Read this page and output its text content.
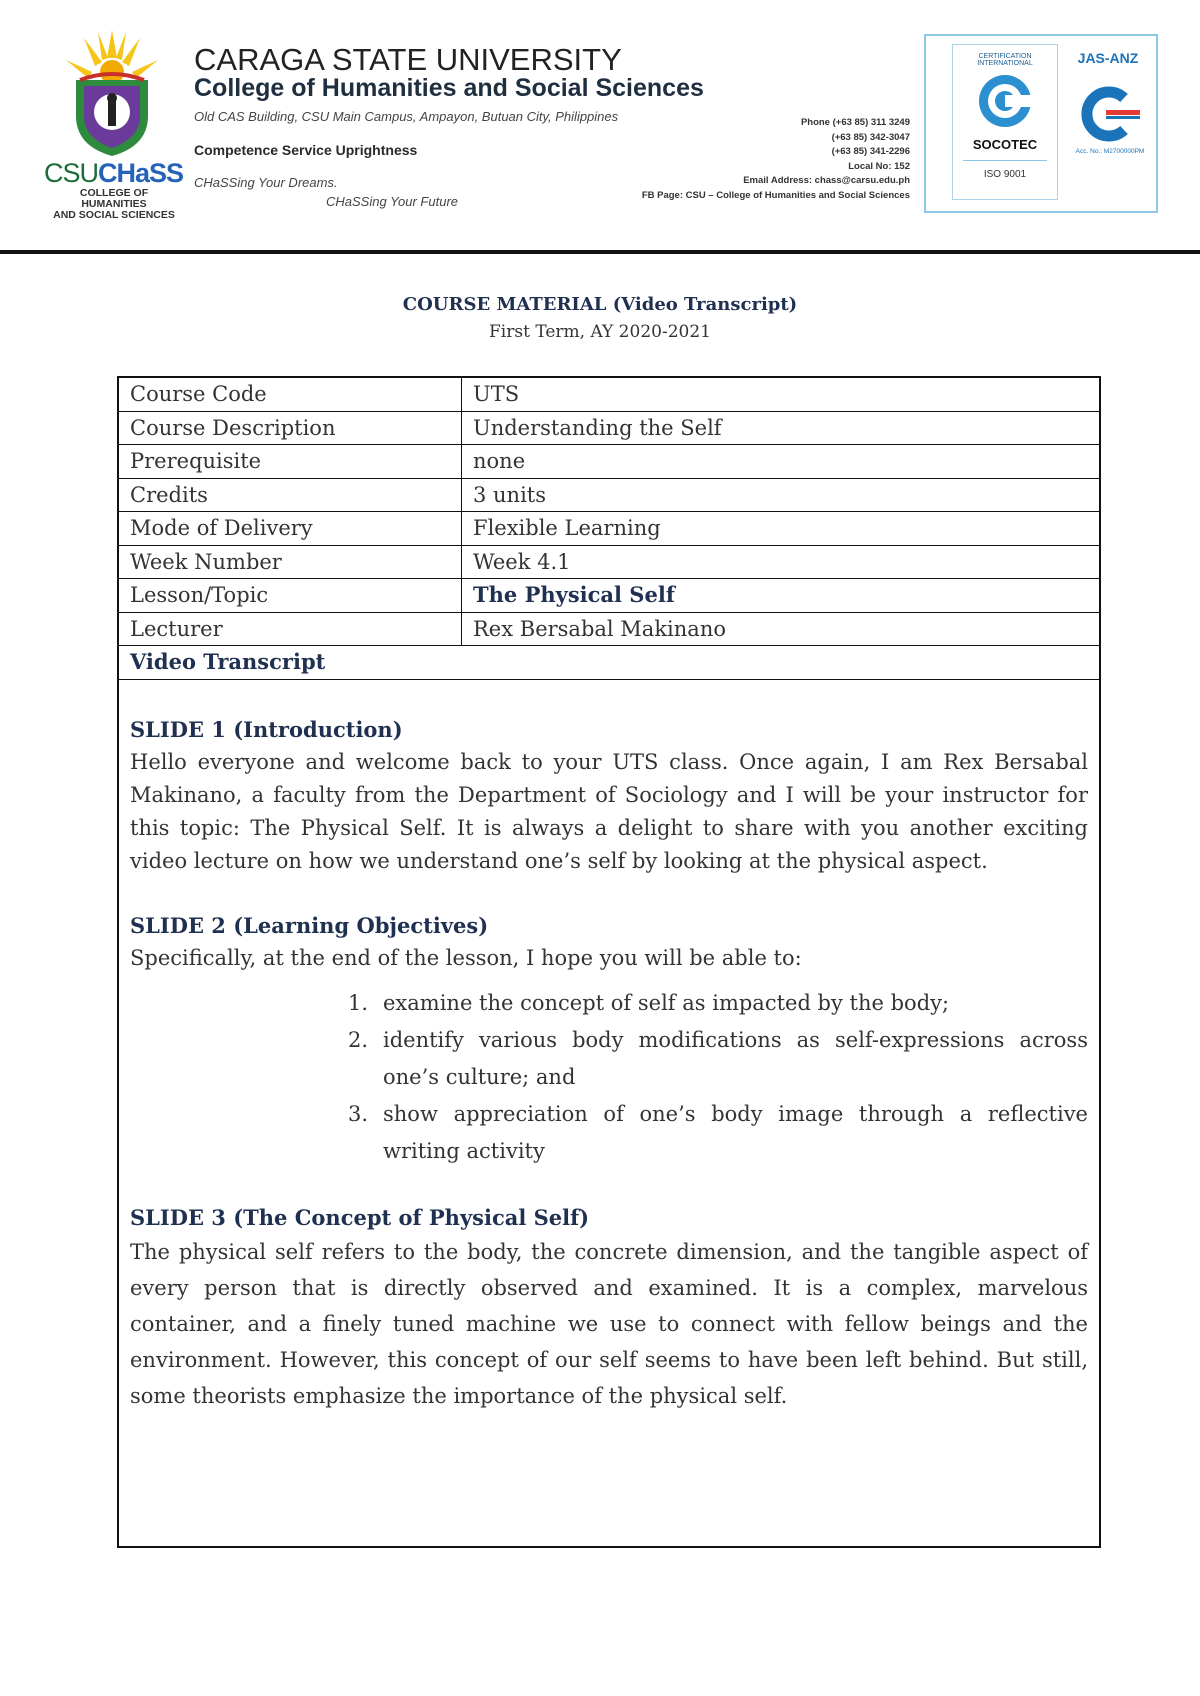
CSUCHaSS
COLLEGE OF HUMANITIES
AND SOCIAL SCIENCES
CARAGA STATE UNIVERSITY
College of Humanities and Social Sciences
Old CAS Building, CSU Main Campus, Ampayon, Butuan City, Philippines
Competence Service Uprightness
CHaSSing Your Dreams.
CHaSSing Your Future
Phone (+63 85) 311 3249
(+63 85) 342-3047
(+63 85) 341-2296
Local No: 152
Email Address: chass@carsu.edu.ph
FB Page: CSU – College of Humanities and Social Sciences
CERTIFICATION INTERNATIONAL
SOCOTEC
ISO 9001
JAS-ANZ
Acc. No.: M2700000PM
COURSE MATERIAL (Video Transcript)
First Term, AY 2020-2021
Course Code	UTS
Course Description	Understanding the Self
Prerequisite	none
Credits	3 units
Mode of Delivery	Flexible Learning
Week Number	Week 4.1
Lesson/Topic	The Physical Self
Lecturer	Rex Bersabal Makinano
Video Transcript
SLIDE 1 (Introduction)
Hello everyone and welcome back to your UTS class. Once again, I am Rex Bersabal Makinano, a faculty from the Department of Sociology and I will be your instructor for this topic: The Physical Self. It is always a delight to share with you another exciting video lecture on how we understand one’s self by looking at the physical aspect.
SLIDE 2 (Learning Objectives)
Specifically, at the end of the lesson, I hope you will be able to:
1. examine the concept of self as impacted by the body;
2. identify various body modifications as self-expressions across one’s culture; and
3. show appreciation of one’s body image through a reflective writing activity
SLIDE 3 (The Concept of Physical Self)
The physical self refers to the body, the concrete dimension, and the tangible aspect of every person that is directly observed and examined. It is a complex, marvelous container, and a finely tuned machine we use to connect with fellow beings and the environment. However, this concept of our self seems to have been left behind. But still, some theorists emphasize the importance of the physical self.
